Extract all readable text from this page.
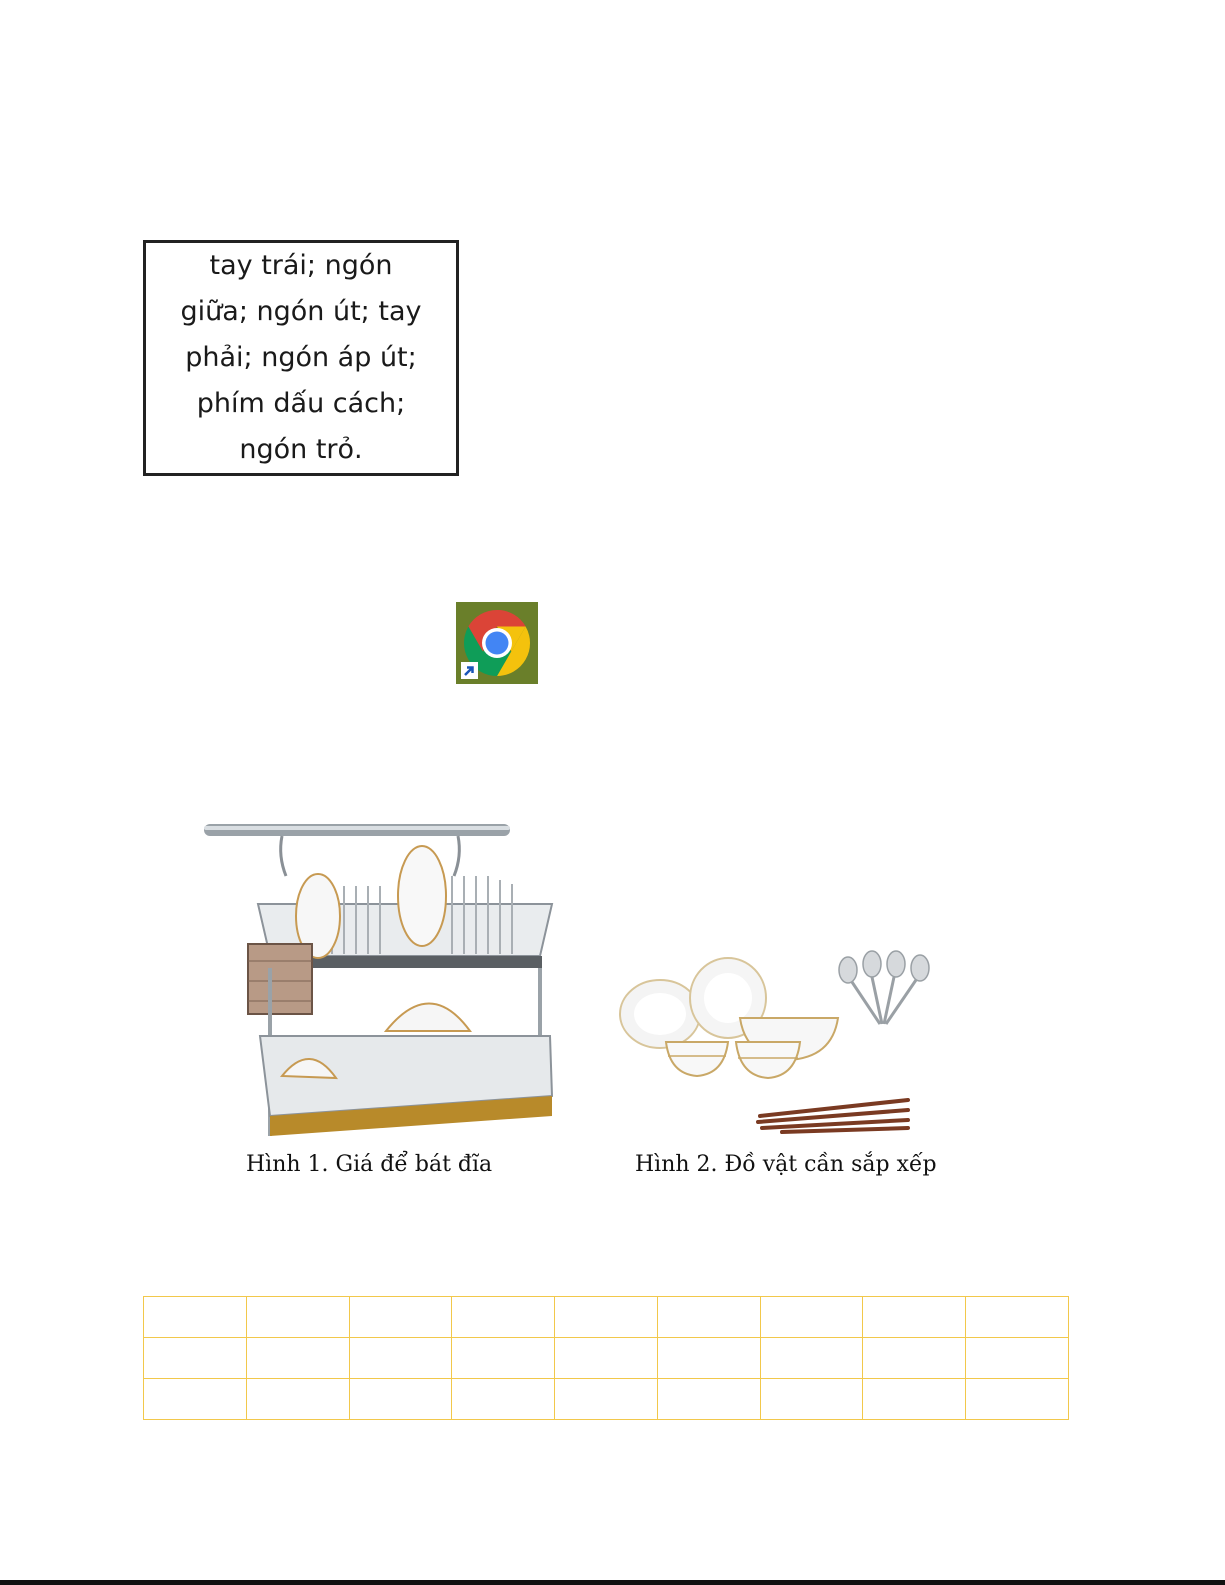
tay trái; ngón
giữa; ngón út; tay
phải; ngón áp út;
phím dấu cách;
ngón trỏ.
Hình 1. Giá để bát đĩa	Hình 2. Đồ vật cần sắp xếp
